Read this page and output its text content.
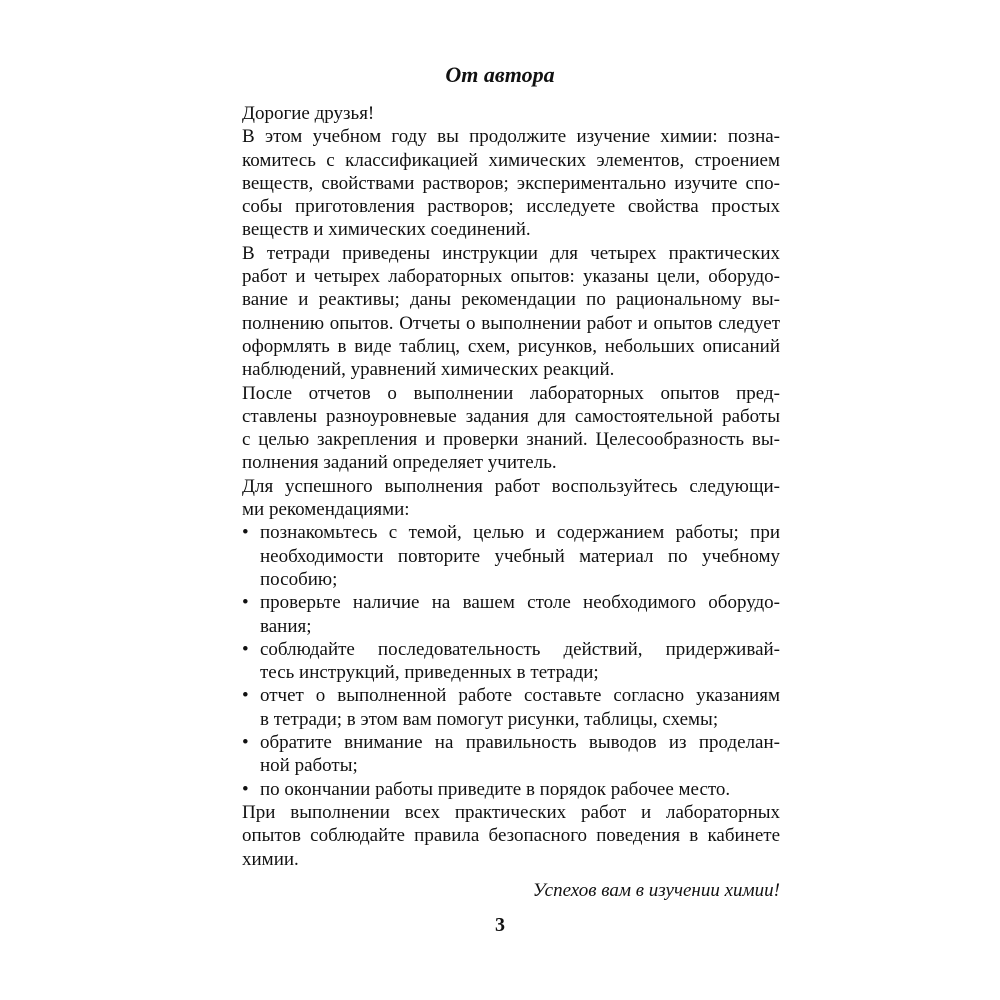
От автора

Дорогие друзья!

В этом учебном году вы продолжите изучение химии: позна-
комитесь с классификацией химических элементов, строением
веществ, свойствами растворов; экспериментально изучите спо-
собы приготовления растворов; исследуете свойства простых
веществ и химических соединений.

В тетради приведены инструкции для четырех практических
работ и четырех лабораторных опытов: указаны цели, оборудо-
вание и реактивы; даны рекомендации по рациональному вы-
полнению опытов. Отчеты о выполнении работ и опытов следует
оформлять в виде таблиц, схем, рисунков, небольших описаний
наблюдений, уравнений химических реакций.

После отчетов о выполнении лабораторных опытов пред-
ставлены разноуровневые задания для самостоятельной работы
с целью закрепления и проверки знаний. Целесообразность вы-
полнения заданий определяет учитель.

Для успешного выполнения работ воспользуйтесь следующи-
ми рекомендациями:

• познакомьтесь с темой, целью и содержанием работы; при
необходимости повторите учебный материал по учебному
пособию;
• проверьте наличие на вашем столе необходимого оборудо-
вания;
• соблюдайте последовательность действий, придерживай-
тесь инструкций, приведенных в тетради;
• отчет о выполненной работе составьте согласно указаниям
в тетради; в этом вам помогут рисунки, таблицы, схемы;
• обратите внимание на правильность выводов из проделан-
ной работы;
• по окончании работы приведите в порядок рабочее место.

При выполнении всех практических работ и лабораторных
опытов соблюдайте правила безопасного поведения в кабинете
химии.

Успехов вам в изучении химии!
3
